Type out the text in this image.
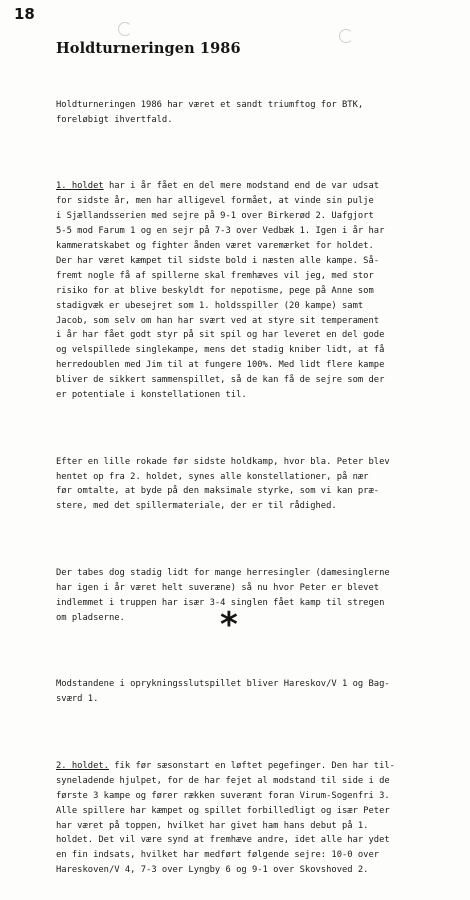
18
Holdturneringen 1986

Holdturneringen 1986 har været et sandt triumftog for BTK,
foreløbigt ihvertfald.

1. holdet har i år fået en del mere modstand end de var udsat
for sidste år, men har alligevel formået, at vinde sin pulje
i Sjællandsserien med sejre på 9-1 over Birkerød 2. Uafgjort
5-5 mod Farum 1 og en sejr på 7-3 over Vedbæk 1. Igen i år har
kammeratskabet og fighter ånden været varemærket for holdet.
Der har været kæmpet til sidste bold i næsten alle kampe. Så-
fremt nogle få af spillerne skal fremhæves vil jeg, med stor
risiko for at blive beskyldt for nepotisme, pege på Anne som
stadigvæk er ubesejret som 1. holdsspiller (20 kampe) samt
Jacob, som selv om han har svært ved at styre sit temperament
i år har fået godt styr på sit spil og har leveret en del gode
og velspillede singlekampe, mens det stadig kniber lidt, at få
herredoublen med Jim til at fungere 100%. Med lidt flere kampe
bliver de sikkert sammenspillet, så de kan få de sejre som der
er potentiale i konstellationen til.

Efter en lille rokade før sidste holdkamp, hvor bla. Peter blev
hentet op fra 2. holdet, synes alle konstellationer, på nær
før omtalte, at byde på den maksimale styrke, som vi kan præ-
stere, med det spillermateriale, der er til rådighed.

Der tabes dog stadig lidt for mange herresingler (damesinglerne
har igen i år været helt suveræne) så nu hvor Peter er blevet
indlemmet i truppen har især 3-4 singlen fået kamp til stregen
om pladserne.

Modstandene i oprykningsslutspillet bliver Hareskov/V 1 og Bag-
sværd 1.

2. holdet. fik før sæsonstart en løftet pegefinger. Den har til-
syneladende hjulpet, for de har fejet al modstand til side i de
første 3 kampe og fører rækken suverænt foran Virum-Sogenfri 3.
Alle spillere har kæmpet og spillet forbilledligt og især Peter
har været på toppen, hvilket har givet ham hans debut på 1.
holdet. Det vil være synd at fremhæve andre, idet alle har ydet
en fin indsats, hvilket har medført følgende sejre: 10-0 over
Hareskoven/V 4, 7-3 over Lyngby 6 og 9-1 over Skovshoved 2.

*
